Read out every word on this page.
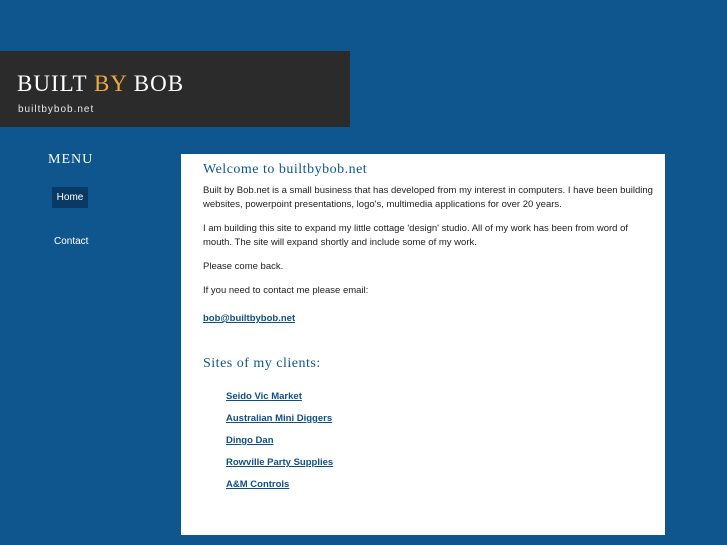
BUILT BY BOB
builtbybob.net
MENU
Home
Contact
Welcome to builtbybob.net

Built by Bob.net is a small business that has developed from my interest in computers. I have been building websites, powerpoint presentations, logo's, multimedia applications for over 20 years.

I am building this site to expand my little cottage 'design' studio. All of my work has been from word of mouth. The site will expand shortly and include some of my work.

Please come back.

If you need to contact me please email:

bob@builtbybob.net
Sites of my clients:
Seido Vic Market
Australian Mini Diggers
Dingo Dan
Rowville Party Supplies
A&M Controls
